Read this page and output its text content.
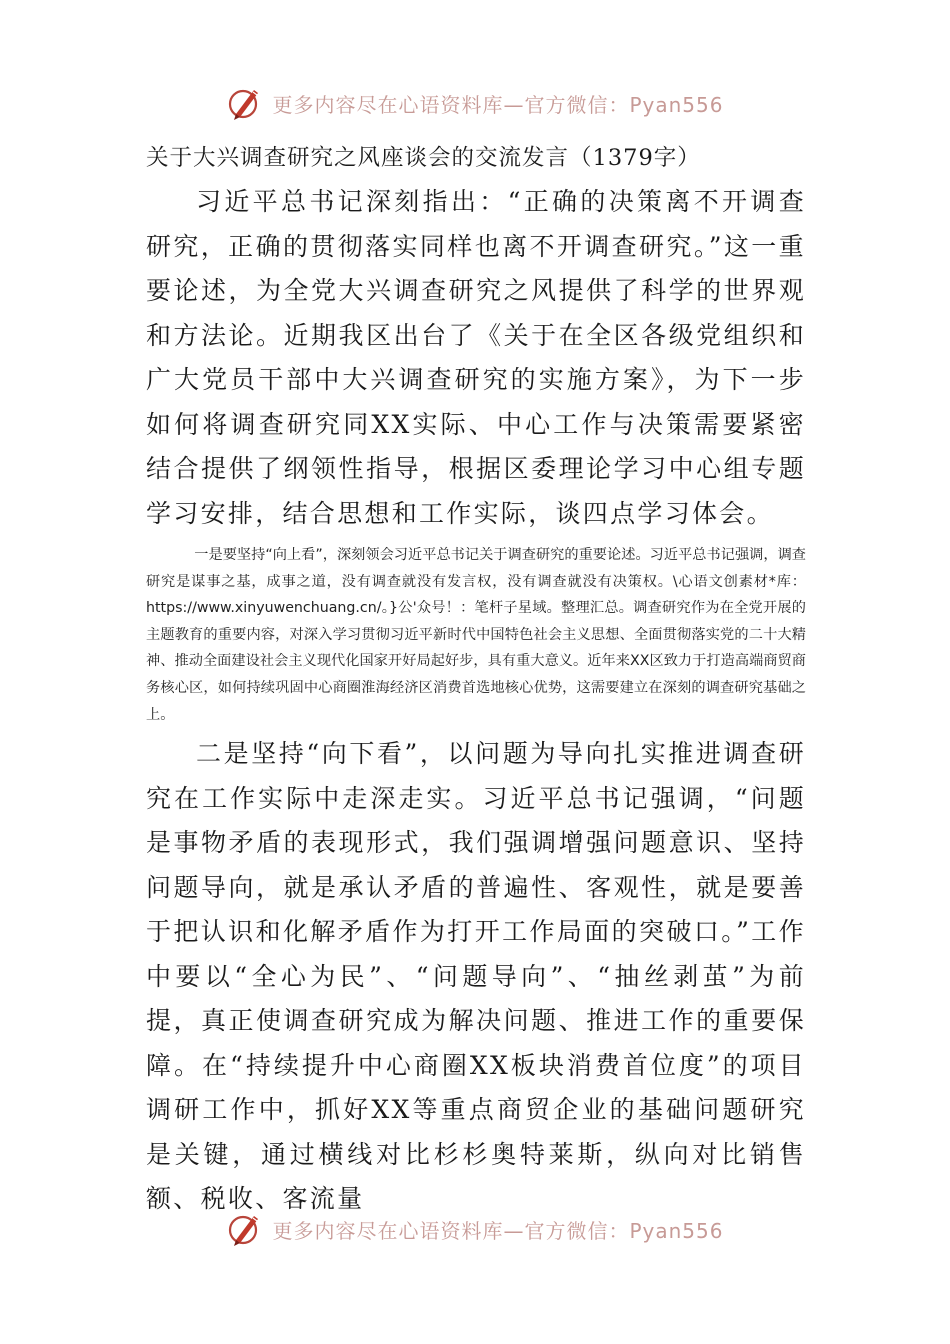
更多内容尽在心语资料库—官方微信：Pyan556
关于大兴调查研究之风座谈会的交流发言（1379字）

习近平总书记深刻指出：“正确的决策离不开调查研究，正确的贯彻落实同样也离不开调查研究。”这一重要论述，为全党大兴调查研究之风提供了科学的世界观和方法论。近期我区出台了《关于在全区各级党组织和广大党员干部中大兴调查研究的实施方案》，为下一步如何将调查研究同XX实际、中心工作与决策需要紧密结合提供了纲领性指导，根据区委理论学习中心组专题学习安排，结合思想和工作实际，谈四点学习体会。

一是要坚持“向上看”，深刻领会习近平总书记关于调查研究的重要论述。习近平总书记强调，调查研究是谋事之基，成事之道，没有调查就没有发言权，没有调查就没有决策权。\心语文创素材*库：https://www.xinyuwenchuang.cn/。}公'众号！：笔杆子星域。整理汇总。调查研究作为在全党开展的主题教育的重要内容，对深入学习贯彻习近平新时代中国特色社会主义思想、全面贯彻落实党的二十大精神、推动全面建设社会主义现代化国家开好局起好步，具有重大意义。近年来XX区致力于打造高端商贸商务核心区，如何持续巩固中心商圈淮海经济区消费首选地核心优势，这需要建立在深刻的调查研究基础之上。

二是坚持“向下看”，以问题为导向扎实推进调查研究在工作实际中走深走实。习近平总书记强调，“问题是事物矛盾的表现形式，我们强调增强问题意识、坚持问题导向，就是承认矛盾的普遍性、客观性，就是要善于把认识和化解矛盾作为打开工作局面的突破口。”工作中要以“全心为民”、“问题导向”、“抽丝剥茧”为前提，真正使调查研究成为解决问题、推进工作的重要保障。在“持续提升中心商圈XX板块消费首位度”的项目调研工作中，抓好XX等重点商贸企业的基础问题研究是关键，通过横线对比杉杉奥特莱斯，纵向对比销售额、税收、客流量

更多内容尽在心语资料库—官方微信：Pyan556
